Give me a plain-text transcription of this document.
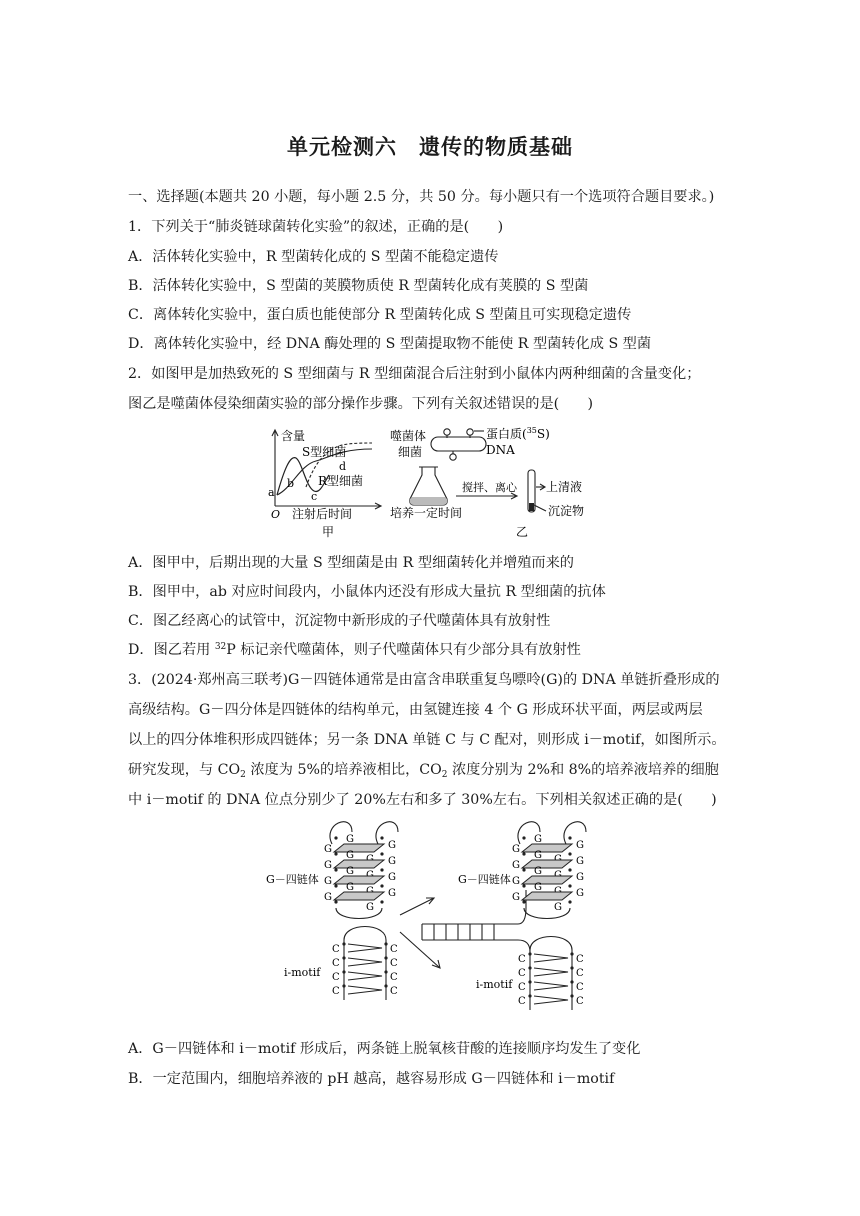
单元检测六　遗传的物质基础
一、选择题(本题共 20 小题，每小题 2.5 分，共 50 分。每小题只有一个选项符合题目要求。)
1．下列关于“肺炎链球菌转化实验”的叙述，正确的是(　　)
A．活体转化实验中，R 型菌转化成的 S 型菌不能稳定遗传
B．活体转化实验中，S 型菌的荚膜物质使 R 型菌转化成有荚膜的 S 型菌
C．离体转化实验中，蛋白质也能使部分 R 型菌转化成 S 型菌且可实现稳定遗传
D．离体转化实验中，经 DNA 酶处理的 S 型菌提取物不能使 R 型菌转化成 S 型菌
2．如图甲是加热致死的 S 型细菌与 R 型细菌混合后注射到小鼠体内两种细菌的含量变化；
图乙是噬菌体侵染细菌实验的部分操作步骤。下列有关叙述错误的是(　　)
含量
S型细菌
R型细菌
a
b
c
d
O 注射后时间
甲
噬菌体
细菌
蛋白质($^{35}$S)
DNA
搅拌、离心 上清液
沉淀物
培养一定时间
乙
A．图甲中，后期出现的大量 S 型细菌是由 R 型细菌转化并增殖而来的
B．图甲中，ab 对应时间段内，小鼠体内还没有形成大量抗 R 型细菌的抗体
C．图乙经离心的试管中，沉淀物中新形成的子代噬菌体具有放射性
D．图乙若用 $^{32}$P 标记亲代噬菌体，则子代噬菌体只有少部分具有放射性
3．(2024·郑州高三联考)G－四链体通常是由富含串联重复鸟嘌呤(G)的 DNA 单链折叠形成的
高级结构。G－四分体是四链体的结构单元，由氢键连接 4 个 G 形成环状平面，两层或两层
以上的四分体堆积形成四链体；另一条 DNA 单链 C 与 C 配对，则形成 i－motif，如图所示。
研究发现，与 $CO_2$ 浓度为 5%的培养液相比，$CO_2$ 浓度分别为 2%和 8%的培养液培养的细胞
中 i－motif 的 DNA 位点分别少了 20%左右和多了 30%左右。下列相关叙述正确的是(　　)
G－四链体	G－四链体
i-motif
i-motif
G	G
G
G	G
G
G	G
G
G	G
G
G
G	G
G
G	G
G
G	G
G
G	G
G
G
C	C
C	C
C	C
C	C
C	C
C	C
C	C
C	C
A．G－四链体和 i－motif 形成后，两条链上脱氧核苷酸的连接顺序均发生了变化
B．一定范围内，细胞培养液的 pH 越高，越容易形成 G－四链体和 i－motif
